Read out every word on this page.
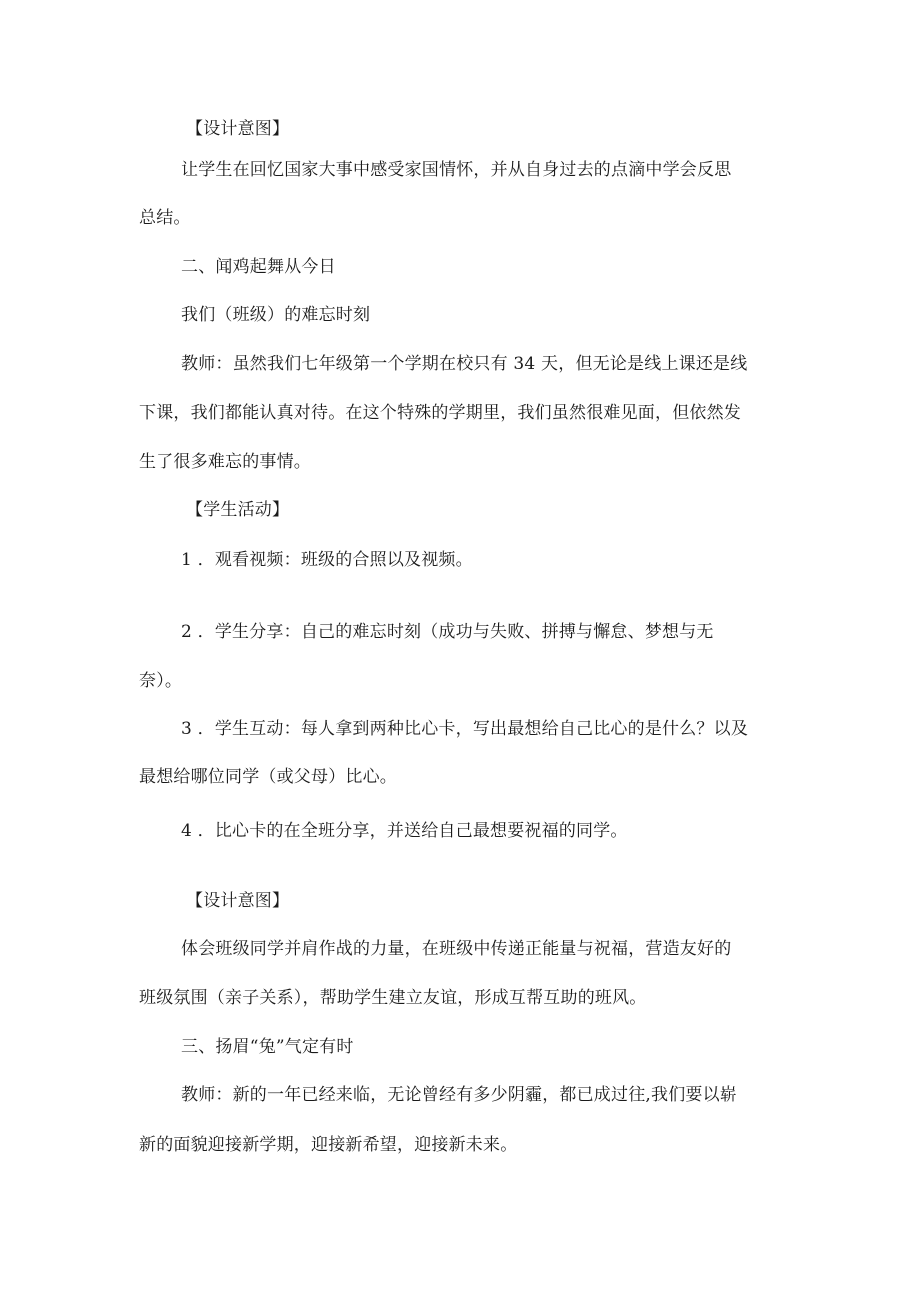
【设计意图】
让学生在回忆国家大事中感受家国情怀，并从自身过去的点滴中学会反思
总结。
二、闻鸡起舞从今日
我们（班级）的难忘时刻
教师：虽然我们七年级第一个学期在校只有 34 天，但无论是线上课还是线
下课，我们都能认真对待。在这个特殊的学期里，我们虽然很难见面，但依然发
生了很多难忘的事情。
【学生活动】
1 ．观看视频：班级的合照以及视频。
2 ．学生分享：自己的难忘时刻（成功与失败、拼搏与懈怠、梦想与无
奈）。
3 ．学生互动：每人拿到两种比心卡，写出最想给自己比心的是什么？以及
最想给哪位同学（或父母）比心。
4 ．比心卡的在全班分享，并送给自己最想要祝福的同学。
【设计意图】
体会班级同学并肩作战的力量，在班级中传递正能量与祝福，营造友好的
班级氛围（亲子关系），帮助学生建立友谊，形成互帮互助的班风。
三、扬眉“兔”气定有时
教师：新的一年已经来临，无论曾经有多少阴霾，都已成过往,我们要以崭
新的面貌迎接新学期，迎接新希望，迎接新未来。
